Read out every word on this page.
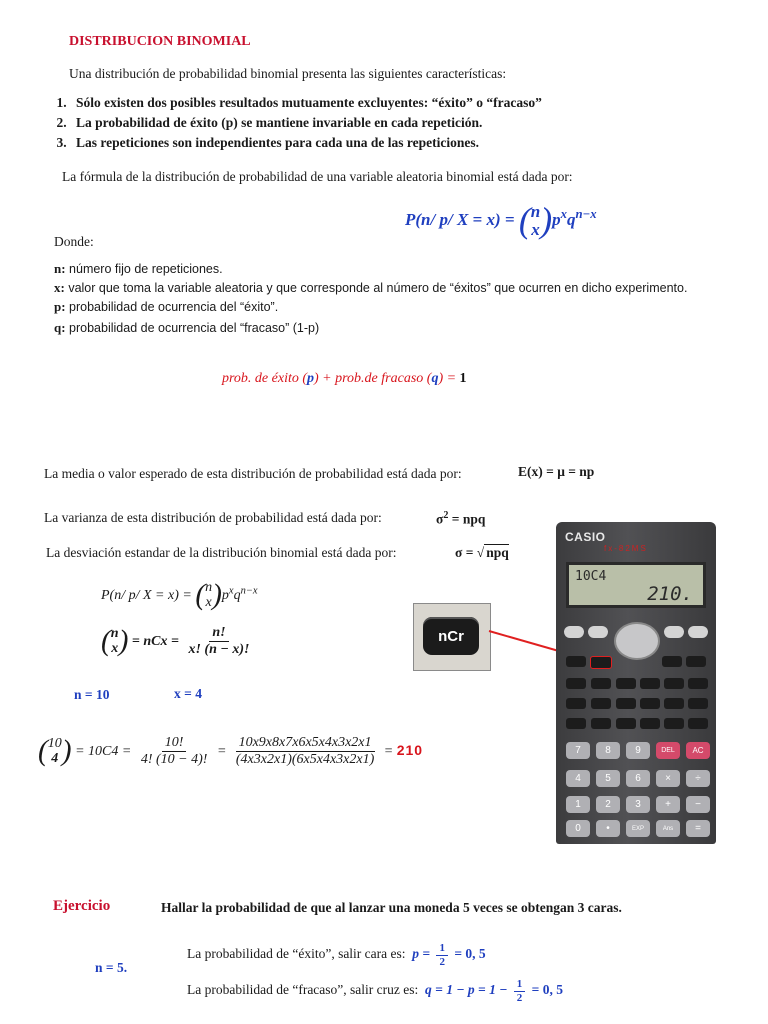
DISTRIBUCION BINOMIAL
Una distribución de probabilidad binomial presenta las siguientes características:
1. Sólo existen dos posibles resultados mutuamente excluyentes: “éxito” o “fracaso”
2. La probabilidad de éxito (p) se mantiene invariable en cada repetición.
3. Las repeticiones son independientes para cada una de las repeticiones.
La fórmula de la distribución de probabilidad de una variable aleatoria binomial está dada por:
P(n/ p/ X = x) = ( n
x ) $p^xq^{n-x}$
Donde:
n: número fijo de repeticiones.
x: valor que toma la variable aleatoria y que corresponde al número de “éxitos” que ocurren en dicho experimento.
p: probabilidad de ocurrencia del “éxito”.
q: probabilidad de ocurrencia del “fracaso” (1-p)
prob. de éxito (p) + prob.de fracaso (q) = 1
La media o valor esperado de esta distribución de probabilidad está dada por:	E(x) = μ = np
La varianza de esta distribución de probabilidad está dada por:	$\sigma^2$ = npq
La desviación estandar de la distribución binomial está dada por:	σ = √ npq
P(n/ p/ X = x) = ( n
x ) $p^xq^{n-x}$
( n
x ) = nCx = $\frac{n!}{x! (n - x)!}$
n = 10	x = 4
( 10
4 ) = $10C4 = \frac{10!}{4! (10 - 4)!} = \frac{10x9x8x7x6x5x4x3x2x1}{(4x3x2x1)(6x5x4x3x2x1)} = 210$
nCr
CASIO
fx-82MS
10C4
210.
7	8	9	DEL	AC
4	5	6	×	÷
1	2	3	+	−
0	•	EXP	Ans	=
Ejercicio	Hallar la probabilidad de que al lanzar una moneda 5 veces se obtengan 3 caras.
n = 5.
La probabilidad de “éxito”, salir cara es: $p = \frac{1}{2} = 0$, 5
La probabilidad de “fracaso”, salir cruz es: $q = 1 - p = 1 - \frac{1}{2} = 0$, 5
